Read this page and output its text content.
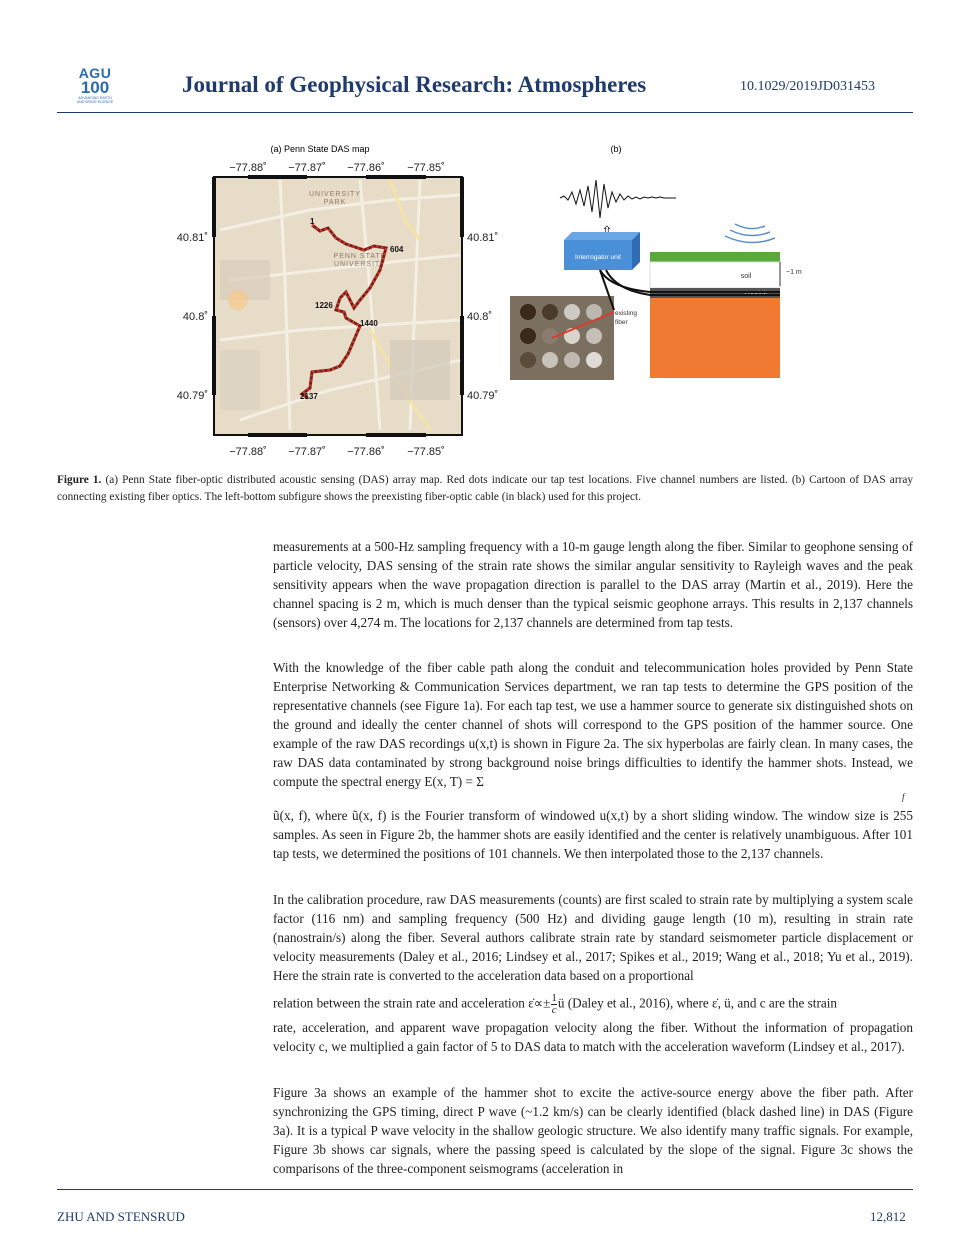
AGU
100
ADVANCING EARTH AND SPACE SCIENCE
Journal of Geophysical Research: Atmospheres	10.1029/2019JD031453
(a) Penn State DAS map
−77.88˚ −77.87˚ −77.86˚ −77.85˚
−77.88˚ −77.87˚ −77.86˚ −77.85˚
40.81˚
40.8˚
40.79˚
40.81˚
40.8˚
40.79˚
UNIVERSITY
PARK
PENN STATE
UNIVERSITY
1
604
1226
1440
2137
(b)
Interrogator unit
soil
conduit
~1 m
existing
fiber
Figure 1. (a) Penn State fiber-optic distributed acoustic sensing (DAS) array map. Red dots indicate our tap test locations. Five channel numbers are listed. (b) Cartoon of DAS array connecting existing fiber optics. The left-bottom subfigure shows the preexisting fiber-optic cable (in black) used for this project.
measurements at a 500-Hz sampling frequency with a 10-m gauge length along the fiber. Similar to geophone sensing of particle velocity, DAS sensing of the strain rate shows the similar angular sensitivity to Rayleigh waves and the peak sensitivity appears when the wave propagation direction is parallel to the DAS array (Martin et al., 2019). Here the channel spacing is 2 m, which is much denser than the typical seismic geophone arrays. This results in 2,137 channels (sensors) over 4,274 m. The locations for 2,137 channels are determined from tap tests.
With the knowledge of the fiber cable path along the conduit and telecommunication holes provided by Penn State Enterprise Networking & Communication Services department, we ran tap tests to determine the GPS position of the representative channels (see Figure 1a). For each tap test, we use a hammer source to generate six distinguished shots on the ground and ideally the center channel of shots will correspond to the GPS position of the hammer source. One example of the raw DAS recordings u(x,t) is shown in Figure 2a. The six hyperbolas are fairly clean. In many cases, the raw DAS data contaminated by strong background noise brings difficulties to identify the hammer shots. Instead, we compute the spectral energy E(x, T) = Σ
f
ũ(x, f), where ũ(x, f) is the Fourier transform of windowed u(x,t) by a short sliding window. The window size is 255 samples. As seen in Figure 2b, the hammer shots are easily identified and the center is relatively unambiguous. After 101 tap tests, we determined the positions of 101 channels. We then interpolated those to the 2,137 channels.
In the calibration procedure, raw DAS measurements (counts) are first scaled to strain rate by multiplying a system scale factor (116 nm) and sampling frequency (500 Hz) and dividing gauge length (10 m), resulting in strain rate (nanostrain/s) along the fiber. Several authors calibrate strain rate by standard seismometer particle displacement or velocity measurements (Daley et al., 2016; Lindsey et al., 2017; Spikes et al., 2019; Wang et al., 2018; Yu et al., 2019). Here the strain rate is converted to the acceleration data based on a proportional
relation between the strain rate and acceleration ε̇∝± $\frac{1}{c}$ ü (Daley et al., 2016), where ε̇, ü, and c are the strain
rate, acceleration, and apparent wave propagation velocity along the fiber. Without the information of propagation velocity c, we multiplied a gain factor of 5 to DAS data to match with the acceleration waveform (Lindsey et al., 2017).
Figure 3a shows an example of the hammer shot to excite the active-source energy above the fiber path. After synchronizing the GPS timing, direct P wave (~1.2 km/s) can be clearly identified (black dashed line) in DAS (Figure 3a). It is a typical P wave velocity in the shallow geologic structure. We also identify many traffic signals. For example, Figure 3b shows car signals, where the passing speed is calculated by the slope of the signal. Figure 3c shows the comparisons of the three-component seismograms (acceleration in
ZHU AND STENSRUD	12,812
